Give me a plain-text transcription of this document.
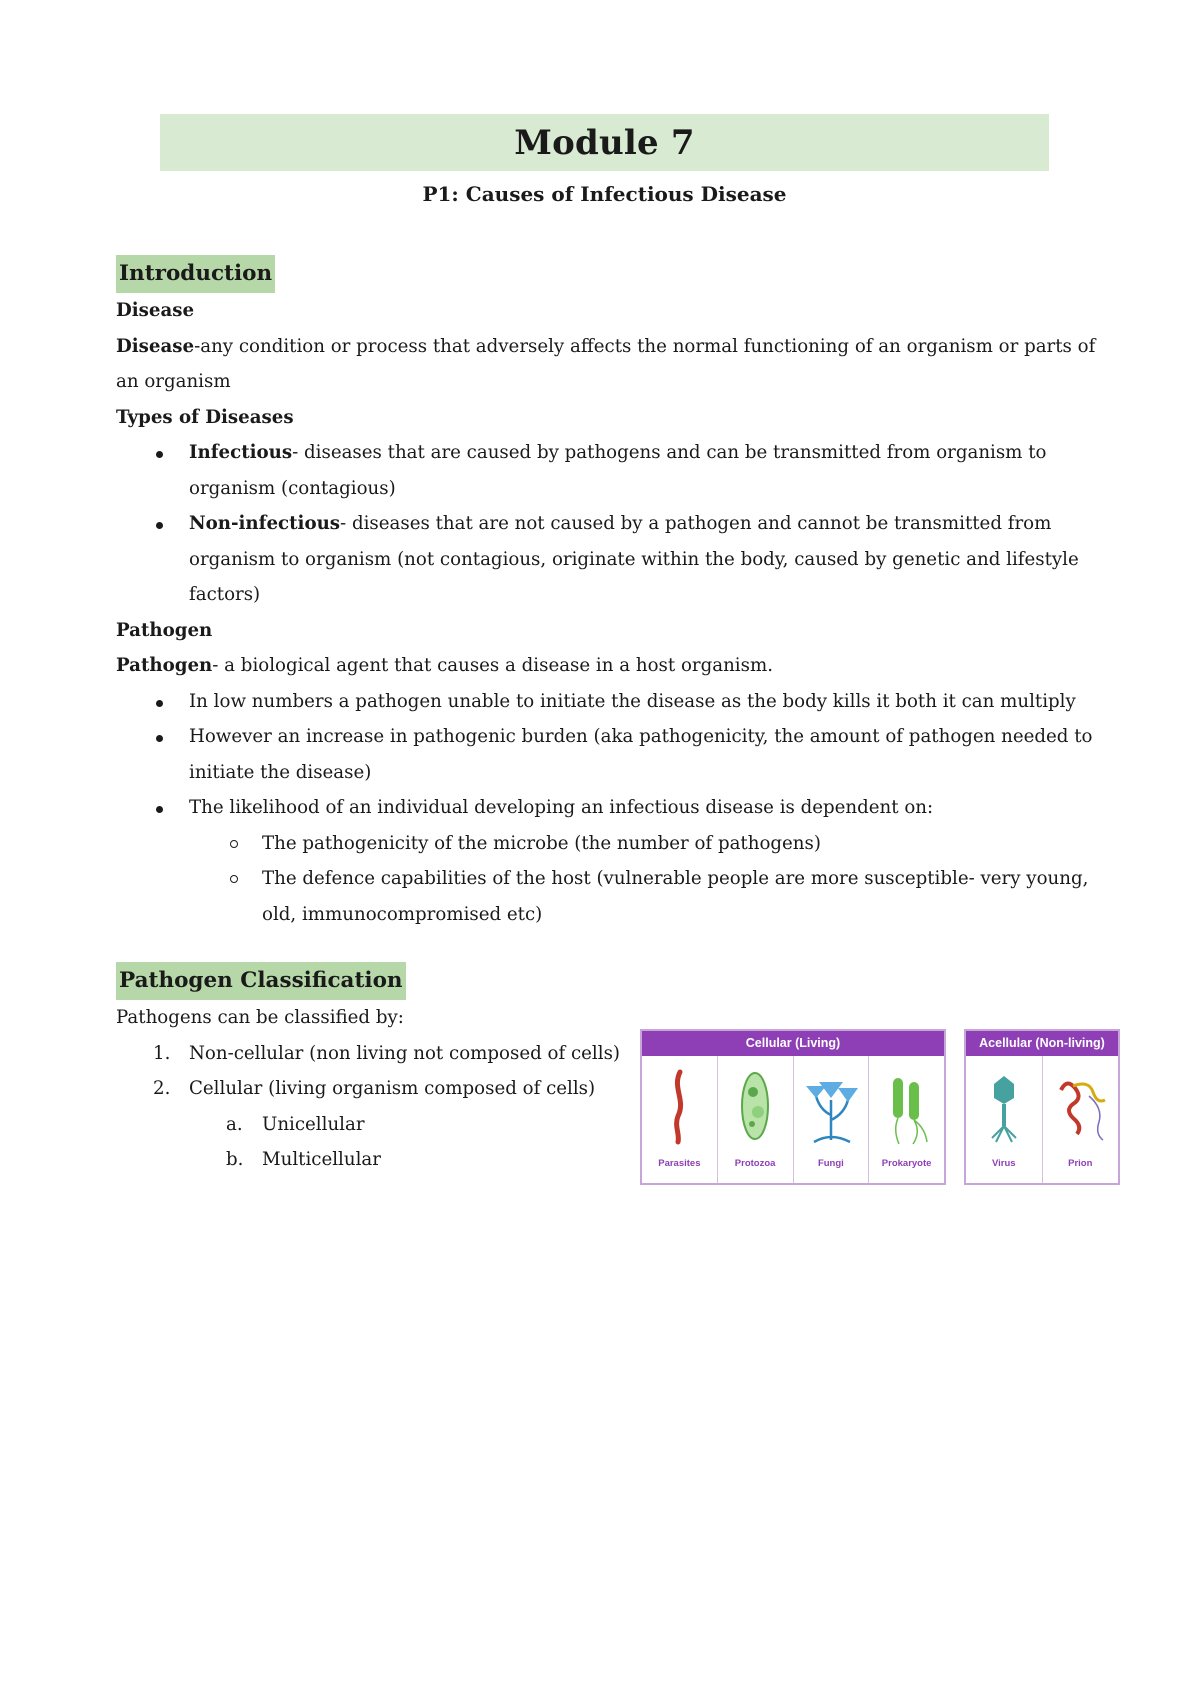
Module 7
P1: Causes of Infectious Disease
Introduction

Disease

Disease-any condition or process that adversely affects the normal functioning of an organism or parts of an organism

Types of Diseases

Infectious- diseases that are caused by pathogens and can be transmitted from organism to organism (contagious)
Non-infectious- diseases that are not caused by a pathogen and cannot be transmitted from organism to organism (not contagious, originate within the body, caused by genetic and lifestyle factors)

Pathogen

Pathogen- a biological agent that causes a disease in a host organism.

In low numbers a pathogen unable to initiate the disease as the body kills it both it can multiply
However an increase in pathogenic burden (aka pathogenicity, the amount of pathogen needed to initiate the disease)
The likelihood of an individual developing an infectious disease is dependent on:
The pathogenicity of the microbe (the number of pathogens)
The defence capabilities of the host (vulnerable people are more susceptible- very young, old, immunocompromised etc)
Pathogen Classification

Pathogens can be classified by:

1. Non-cellular (non living not composed of cells)
2. Cellular (living organism composed of cells)
a. Unicellular
b. Multicellular
Cellular (Living)
Parasites	Protozoa	Fungi	Prokaryote
Acellular (Non-living)
Virus	Prion
